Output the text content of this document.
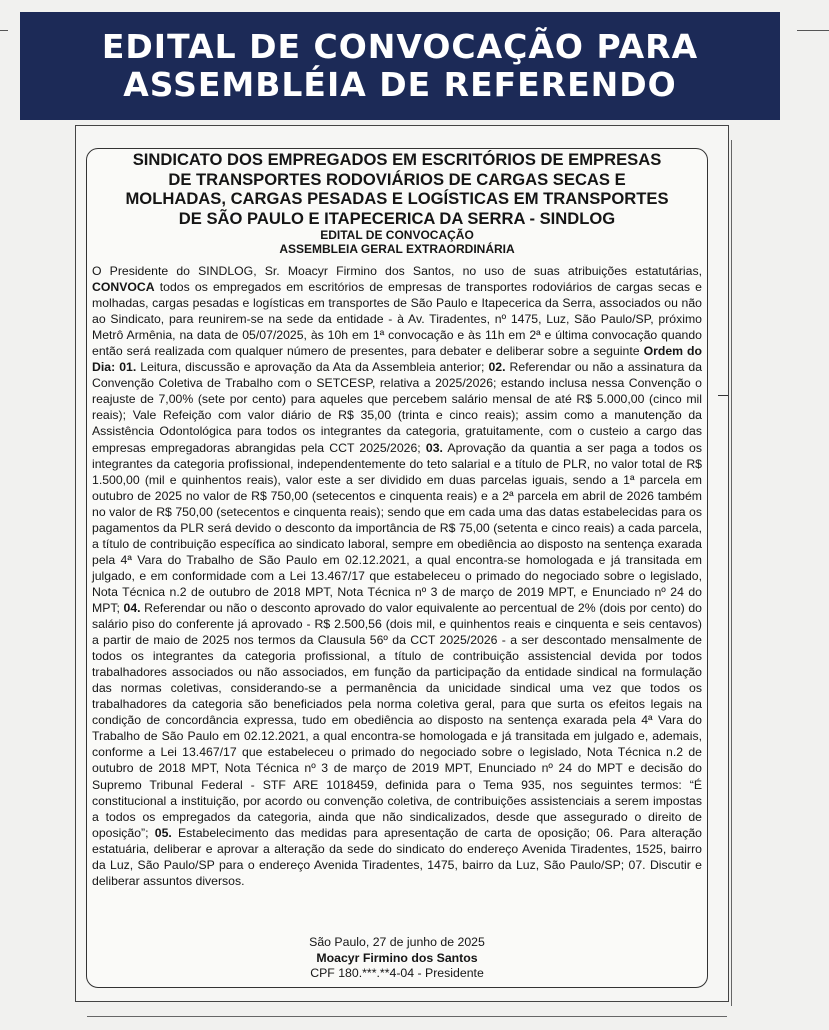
EDITAL DE CONVOCAÇÃO PARA
ASSEMBLÉIA DE REFERENDO

SINDICATO DOS EMPREGADOS EM ESCRITÓRIOS DE EMPRESAS

DE TRANSPORTES RODOVIÁRIOS DE CARGAS SECAS E

MOLHADAS, CARGAS PESADAS E LOGÍSTICAS EM TRANSPORTES

DE SÃO PAULO E ITAPECERICA DA SERRA - SINDLOG

EDITAL DE CONVOCAÇÃO

ASSEMBLEIA GERAL EXTRAORDINÁRIA

O Presidente do SINDLOG, Sr. Moacyr Firmino dos Santos, no uso de suas atribuições estatutárias, CONVOCA todos os empregados em escritórios de empresas de transportes rodoviários de cargas secas e molhadas, cargas pesadas e logísticas em transportes de São Paulo e Itapecerica da Serra, associados ou não ao Sindicato, para reunirem-se na sede da entidade - à Av. Tiradentes, nº 1475, Luz, São Paulo/SP, próximo Metrô Armênia, na data de 05/07/2025, às 10h em 1ª convocação e às 11h em 2ª e última convocação quando então será realizada com qualquer número de presentes, para debater e deliberar sobre a seguinte Ordem do Dia: 01. Leitura, discussão e aprovação da Ata da Assembleia anterior; 02. Referendar ou não a assinatura da Convenção Coletiva de Trabalho com o SETCESP, relativa a 2025/2026; estando inclusa nessa Convenção o reajuste de 7,00% (sete por cento) para aqueles que percebem salário mensal de até R$ 5.000,00 (cinco mil reais); Vale Refeição com valor diário de R$ 35,00 (trinta e cinco reais); assim como a manutenção da Assistência Odontológica para todos os integrantes da categoria, gratuitamente, com o custeio a cargo das empresas empregadoras abrangidas pela CCT 2025/2026; 03. Aprovação da quantia a ser paga a todos os integrantes da categoria profissional, independentemente do teto salarial e a título de PLR, no valor total de R$ 1.500,00 (mil e quinhentos reais), valor este a ser dividido em duas parcelas iguais, sendo a 1ª parcela em outubro de 2025 no valor de R$ 750,00 (setecentos e cinquenta reais) e a 2ª parcela em abril de 2026 também no valor de R$ 750,00 (setecentos e cinquenta reais); sendo que em cada uma das datas estabelecidas para os pagamentos da PLR será devido o desconto da importância de R$ 75,00 (setenta e cinco reais) a cada parcela, a título de contribuição específica ao sindicato laboral, sempre em obediência ao disposto na sentença exarada pela 4ª Vara do Trabalho de São Paulo em 02.12.2021, a qual encontra-se homologada e já transitada em julgado, e em conformidade com a Lei 13.467/17 que estabeleceu o primado do negociado sobre o legislado, Nota Técnica n.2 de outubro de 2018 MPT, Nota Técnica nº 3 de março de 2019 MPT, e Enunciado nº 24 do MPT; 04. Referendar ou não o desconto aprovado do valor equivalente ao percentual de 2% (dois por cento) do salário piso do conferente já aprovado - R$ 2.500,56 (dois mil, e quinhentos reais e cinquenta e seis centavos) a partir de maio de 2025 nos termos da Clausula 56º da CCT 2025/2026 - a ser descontado mensalmente de todos os integrantes da categoria profissional, a título de contribuição assistencial devida por todos trabalhadores associados ou não associados, em função da participação da entidade sindical na formulação das normas coletivas, considerando-se a permanência da unicidade sindical uma vez que todos os trabalhadores da categoria são beneficiados pela norma coletiva geral, para que surta os efeitos legais na condição de concordância expressa, tudo em obediência ao disposto na sentença exarada pela 4ª Vara do Trabalho de São Paulo em 02.12.2021, a qual encontra-se homologada e já transitada em julgado e, ademais, conforme a Lei 13.467/17 que estabeleceu o primado do negociado sobre o legislado, Nota Técnica n.2 de outubro de 2018 MPT, Nota Técnica nº 3 de março de 2019 MPT, Enunciado nº 24 do MPT e decisão do Supremo Tribunal Federal - STF ARE 1018459, definida para o Tema 935, nos seguintes termos: “É constitucional a instituição, por acordo ou convenção coletiva, de contribuições assistenciais a serem impostas a todos os empregados da categoria, ainda que não sindicalizados, desde que assegurado o direito de oposição”; 05. Estabelecimento das medidas para apresentação de carta de oposição; 06. Para alteração estatuária, deliberar e aprovar a alteração da sede do sindicato do endereço Avenida Tiradentes, 1525, bairro da Luz, São Paulo/SP para o endereço Avenida Tiradentes, 1475, bairro da Luz, São Paulo/SP; 07. Discutir e deliberar assuntos diversos.

São Paulo, 27 de junho de 2025
Moacyr Firmino dos Santos
CPF 180.***.**4-04 - Presidente
